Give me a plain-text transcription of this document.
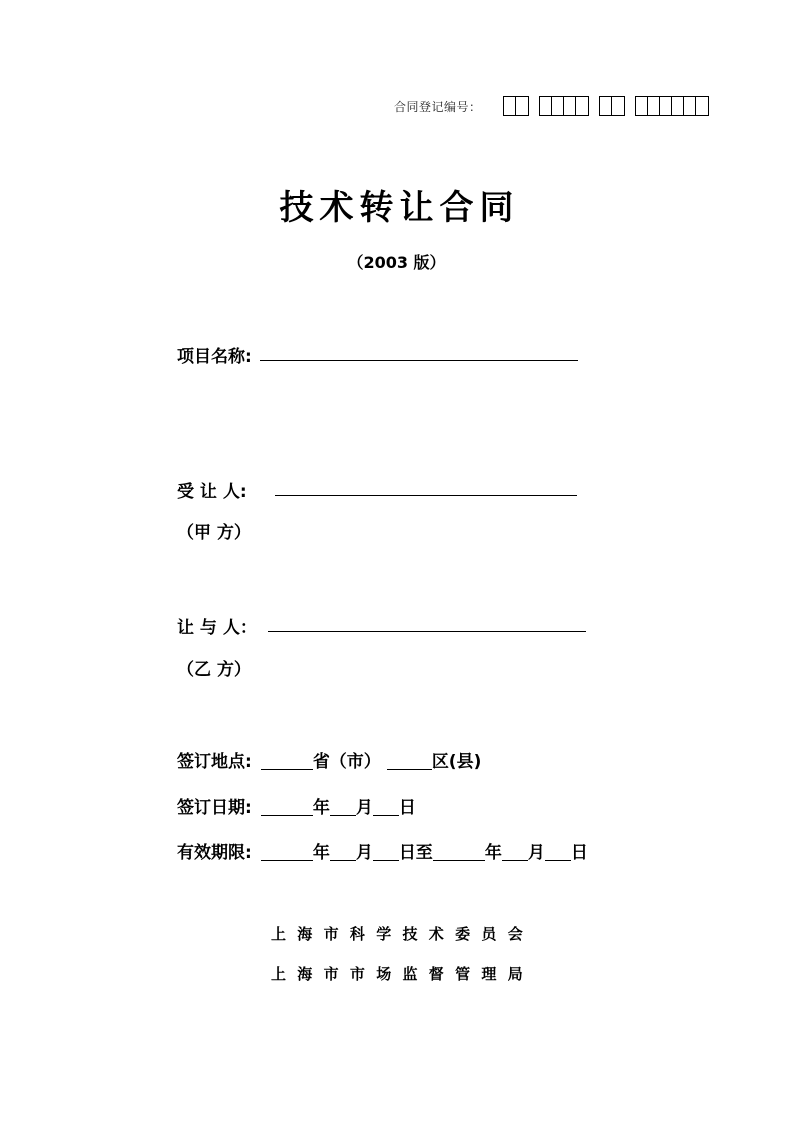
合同登记编号：
技术转让合同
（2003 版）
项目名称:
受 让 人:
（甲 方）
让 与 人：
（乙 方）
签订地点:	省（市）	区(县)
签订日期:	年 月 日
有效期限:	年 月 日至	年 月 日
上海市科学技术委员会
上海市市场监督管理局
